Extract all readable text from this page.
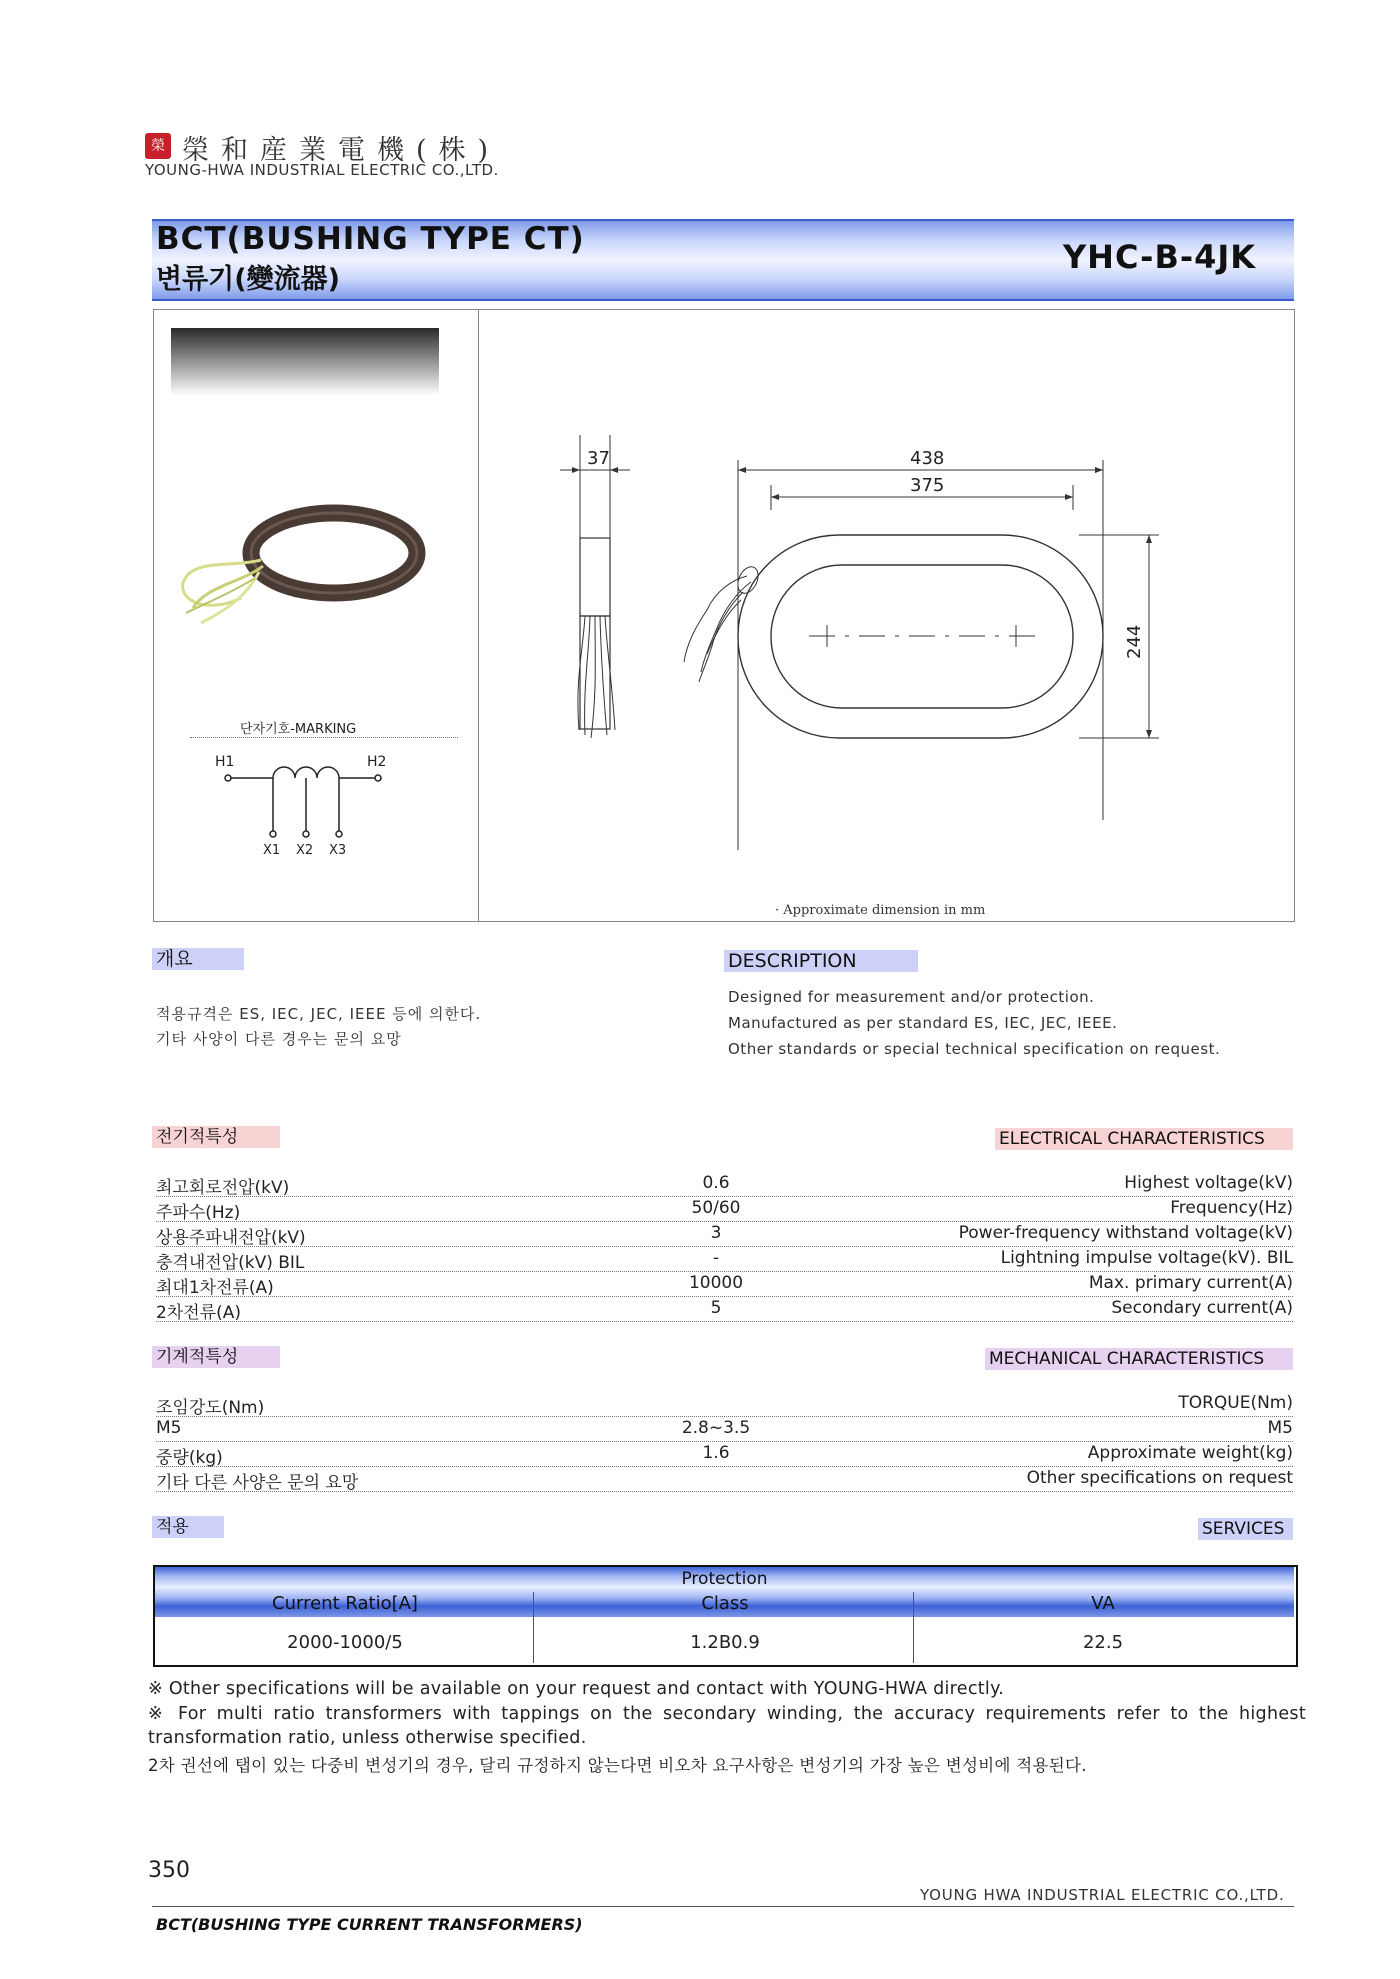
榮 榮和産業電機(株)
YOUNG-HWA INDUSTRIAL ELECTRIC CO.,LTD.
BCT(BUSHING TYPE CT)
변류기(變流器)
YHC-B-4JK
단자기호-MARKING
H1	H2
X1 X2 X3
37	438
375
244
· Approximate dimension in mm
개요	DESCRIPTION
적용규격은 ES, IEC, JEC, IEEE 등에 의한다.
기타 사양이 다른 경우는 문의 요망
Designed for measurement and/or protection.
Manufactured as per standard ES, IEC, JEC, IEEE.
Other standards or special technical specification on request.
전기적특성	ELECTRICAL CHARACTERISTICS
최고회로전압(kV)	0.6	Highest voltage(kV)
주파수(Hz)	50/60	Frequency(Hz)
상용주파내전압(kV)	3	Power-frequency withstand voltage(kV)
충격내전압(kV) BIL	-	Lightning impulse voltage(kV). BIL
최대1차전류(A)	10000	Max. primary current(A)
2차전류(A)	5	Secondary current(A)
기계적특성	MECHANICAL CHARACTERISTICS
조임강도(Nm)	TORQUE(Nm)
M5	2.8~3.5	M5
중량(kg)	1.6	Approximate weight(kg)
기타 다른 사양은 문의 요망	Other specifications on request
적용	SERVICES
Protection
Current Ratio[A]	Class	VA
2000-1000/5	1.2B0.9	22.5
※ Other specifications will be available on your request and contact with YOUNG-HWA directly.
※ For multi ratio transformers with tappings on the secondary winding, the accuracy requirements refer to the highest
transformation ratio, unless otherwise specified.
2차 권선에 탭이 있는 다중비 변성기의 경우, 달리 규정하지 않는다면 비오차 요구사항은 변성기의 가장 높은 변성비에 적용된다.
350
YOUNG HWA INDUSTRIAL ELECTRIC CO.,LTD.
BCT(BUSHING TYPE CURRENT TRANSFORMERS)
